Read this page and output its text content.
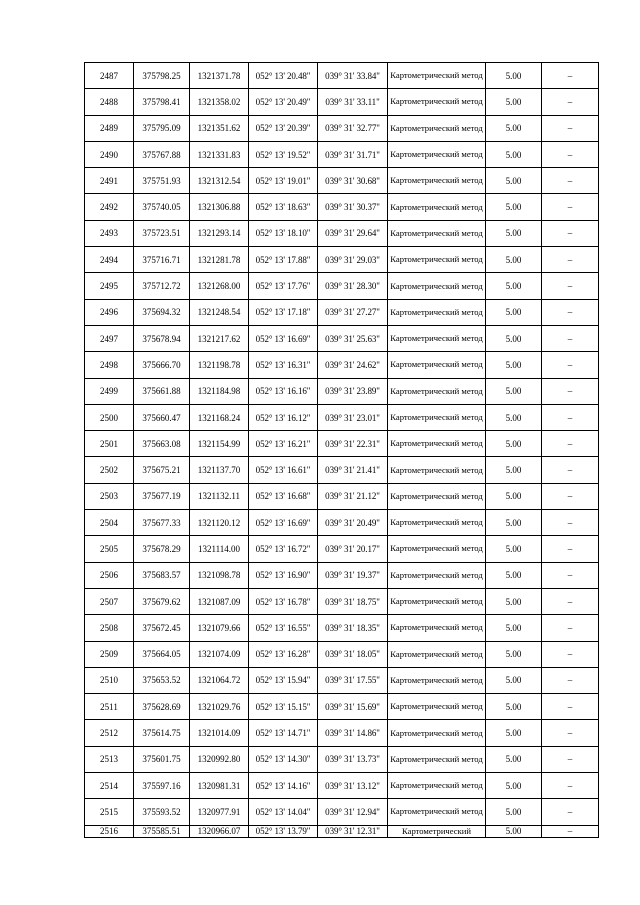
2487	375798.25	1321371.78	052° 13' 20.48"	039° 31' 33.84"	Картометрический метод	5.00	–
2488	375798.41	1321358.02	052° 13' 20.49"	039° 31' 33.11"	Картометрический метод	5.00	–
2489	375795.09	1321351.62	052° 13' 20.39"	039° 31' 32.77"	Картометрический метод	5.00	–
2490	375767.88	1321331.83	052° 13' 19.52"	039° 31' 31.71"	Картометрический метод	5.00	–
2491	375751.93	1321312.54	052° 13' 19.01"	039° 31' 30.68"	Картометрический метод	5.00	–
2492	375740.05	1321306.88	052° 13' 18.63"	039° 31' 30.37"	Картометрический метод	5.00	–
2493	375723.51	1321293.14	052° 13' 18.10"	039° 31' 29.64"	Картометрический метод	5.00	–
2494	375716.71	1321281.78	052° 13' 17.88"	039° 31' 29.03"	Картометрический метод	5.00	–
2495	375712.72	1321268.00	052° 13' 17.76"	039° 31' 28.30"	Картометрический метод	5.00	–
2496	375694.32	1321248.54	052° 13' 17.18"	039° 31' 27.27"	Картометрический метод	5.00	–
2497	375678.94	1321217.62	052° 13' 16.69"	039° 31' 25.63"	Картометрический метод	5.00	–
2498	375666.70	1321198.78	052° 13' 16.31"	039° 31' 24.62"	Картометрический метод	5.00	–
2499	375661.88	1321184.98	052° 13' 16.16"	039° 31' 23.89"	Картометрический метод	5.00	–
2500	375660.47	1321168.24	052° 13' 16.12"	039° 31' 23.01"	Картометрический метод	5.00	–
2501	375663.08	1321154.99	052° 13' 16.21"	039° 31' 22.31"	Картометрический метод	5.00	–
2502	375675.21	1321137.70	052° 13' 16.61"	039° 31' 21.41"	Картометрический метод	5.00	–
2503	375677.19	1321132.11	052° 13' 16.68"	039° 31' 21.12"	Картометрический метод	5.00	–
2504	375677.33	1321120.12	052° 13' 16.69"	039° 31' 20.49"	Картометрический метод	5.00	–
2505	375678.29	1321114.00	052° 13' 16.72"	039° 31' 20.17"	Картометрический метод	5.00	–
2506	375683.57	1321098.78	052° 13' 16.90"	039° 31' 19.37"	Картометрический метод	5.00	–
2507	375679.62	1321087.09	052° 13' 16.78"	039° 31' 18.75"	Картометрический метод	5.00	–
2508	375672.45	1321079.66	052° 13' 16.55"	039° 31' 18.35"	Картометрический метод	5.00	–
2509	375664.05	1321074.09	052° 13' 16.28"	039° 31' 18.05"	Картометрический метод	5.00	–
2510	375653.52	1321064.72	052° 13' 15.94"	039° 31' 17.55"	Картометрический метод	5.00	–
2511	375628.69	1321029.76	052° 13' 15.15"	039° 31' 15.69"	Картометрический метод	5.00	–
2512	375614.75	1321014.09	052° 13' 14.71"	039° 31' 14.86"	Картометрический метод	5.00	–
2513	375601.75	1320992.80	052° 13' 14.30"	039° 31' 13.73"	Картометрический метод	5.00	–
2514	375597.16	1320981.31	052° 13' 14.16"	039° 31' 13.12"	Картометрический метод	5.00	–
2515	375593.52	1320977.91	052° 13' 14.04"	039° 31' 12.94"	Картометрический метод	5.00	–
2516	375585.51	1320966.07	052° 13' 13.79"	039° 31' 12.31"	Картометрический	5.00	–
